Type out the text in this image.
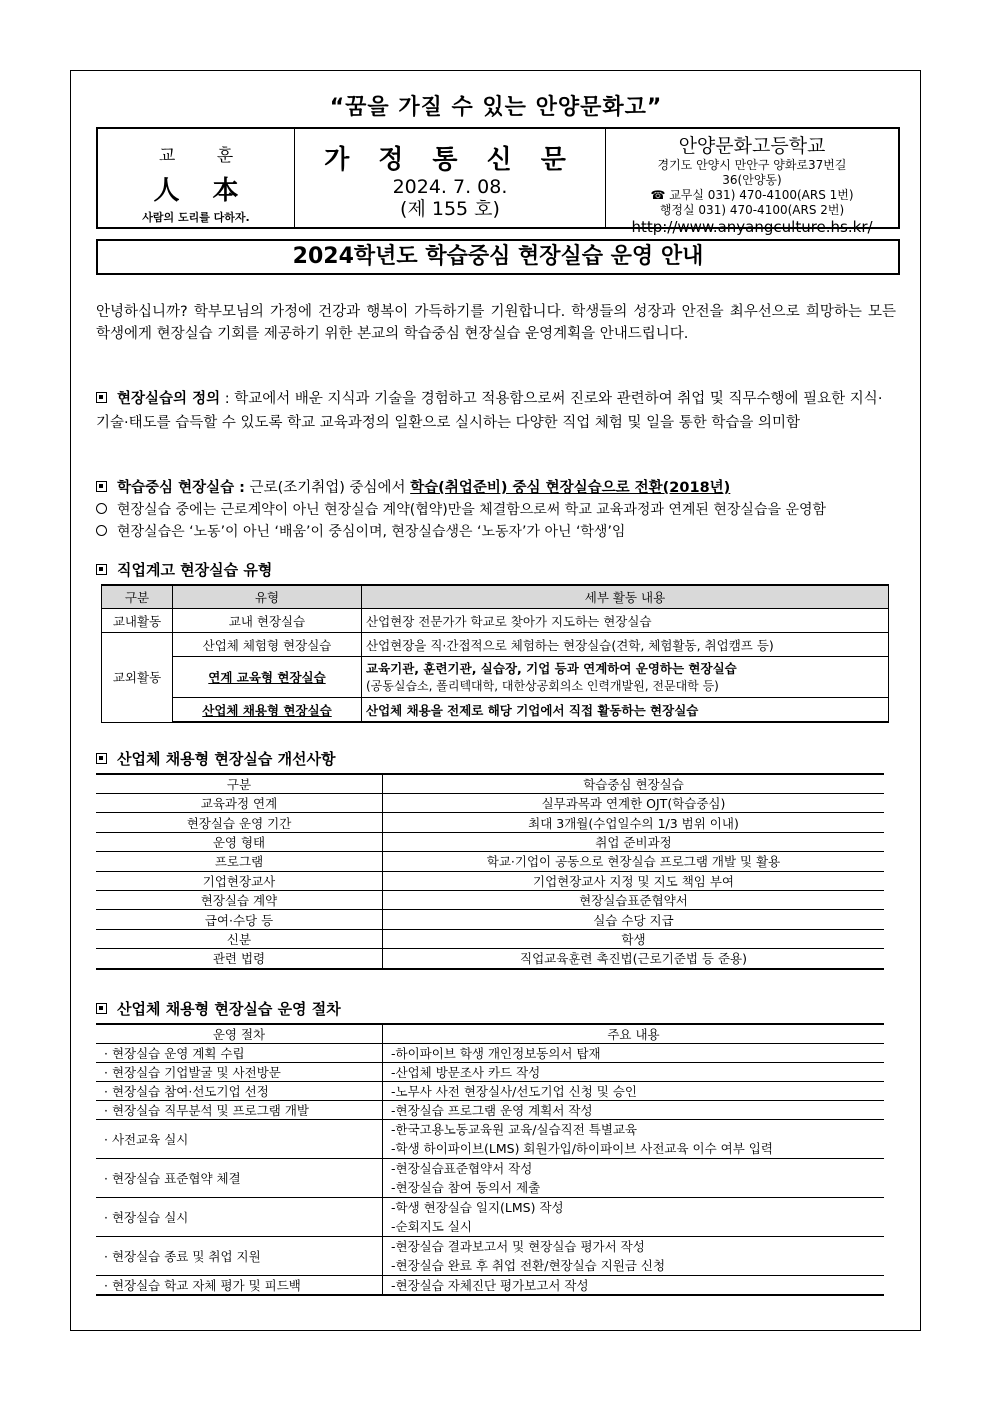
“꿈을 가질 수 있는 안양문화고”
교 훈
人 本
사람의 도리를 다하자.
가 정 통 신 문
2024. 7. 08.
(제 155 호)
안양문화고등학교
경기도 안양시 만안구 양화로37번길
36(안양동)
☎ 교무실 031) 470-4100(ARS 1번)
행정실 031) 470-4100(ARS 2번)
http://www.anyangculture.hs.kr/
2024학년도 학습중심 현장실습 운영 안내
안녕하십니까? 학부모님의 가정에 건강과 행복이 가득하기를 기원합니다. 학생들의 성장과 안전을 최우선으로 희망하는 모든 학생에게 현장실습 기회를 제공하기 위한 본교의 학습중심 현장실습 운영계획을 안내드립니다.
현장실습의 정의 : 학교에서 배운 지식과 기술을 경험하고 적용함으로써 진로와 관련하여 취업 및 직무수행에 필요한 지식·기술·태도를 습득할 수 있도록 학교 교육과정의 일환으로 실시하는 다양한 직업 체험 및 일을 통한 학습을 의미함
학습중심 현장실습 : 근로(조기취업) 중심에서 학습(취업준비) 중심 현장실습으로 전환(2018년)
현장실습 중에는 근로계약이 아닌 현장실습 계약(협약)만을 체결함으로써 학교 교육과정과 연계된 현장실습을 운영함
현장실습은 ‘노동’이 아닌 ‘배움’이 중심이며, 현장실습생은 ‘노동자’가 아닌 ‘학생’임
직업계고 현장실습 유형
구분	유형	세부 활동 내용
교내활동	교내 현장실습	산업현장 전문가가 학교로 찾아가 지도하는 현장실습
교외활동	산업체 체험형 현장실습	산업현장을 직·간접적으로 체험하는 현장실습(견학, 체험활동, 취업캠프 등)
	연계 교육형 현장실습	교육기관, 훈련기관, 실습장, 기업 등과 연계하여 운영하는 현장실습
(공동실습소, 폴리텍대학, 대한상공회의소 인력개발원, 전문대학 등)
	산업체 채용형 현장실습	산업체 채용을 전제로 해당 기업에서 직접 활동하는 현장실습
산업체 채용형 현장실습 개선사항
구분	학습중심 현장실습
교육과정 연계	실무과목과 연계한 OJT(학습중심)
현장실습 운영 기간	최대 3개월(수업일수의 1/3 범위 이내)
운영 형태	취업 준비과정
프로그램	학교·기업이 공동으로 현장실습 프로그램 개발 및 활용
기업현장교사	기업현장교사 지정 및 지도 책임 부여
현장실습 계약	현장실습표준협약서
급여·수당 등	실습 수당 지급
신분	학생
관련 법령	직업교육훈련 촉진법(근로기준법 등 준용)
산업체 채용형 현장실습 운영 절차
운영 절차	주요 내용
· 현장실습 운영 계획 수립	-하이파이브 학생 개인정보동의서 탑재

· 현장실습 기업발굴 및 사전방문	-산업체 방문조사 카드 작성

· 현장실습 참여·선도기업 선정	-노무사 사전 현장실사/선도기업 신청 및 승인

· 현장실습 직무분석 및 프로그램 개발	-현장실습 프로그램 운영 계획서 작성

· 사전교육 실시	-한국고용노동교육원 교육/실습직전 특별교육
-학생 하이파이브(LMS) 회원가입/하이파이브 사전교육 이수 여부 입력

· 현장실습 표준협약 체결	-현장실습표준협약서 작성
-현장실습 참여 동의서 제출

· 현장실습 실시	-학생 현장실습 일지(LMS) 작성
-순회지도 실시

· 현장실습 종료 및 취업 지원	-현장실습 결과보고서 및 현장실습 평가서 작성
-현장실습 완료 후 취업 전환/현장실습 지원금 신청

· 현장실습 학교 자체 평가 및 피드백	-현장실습 자체진단 평가보고서 작성
